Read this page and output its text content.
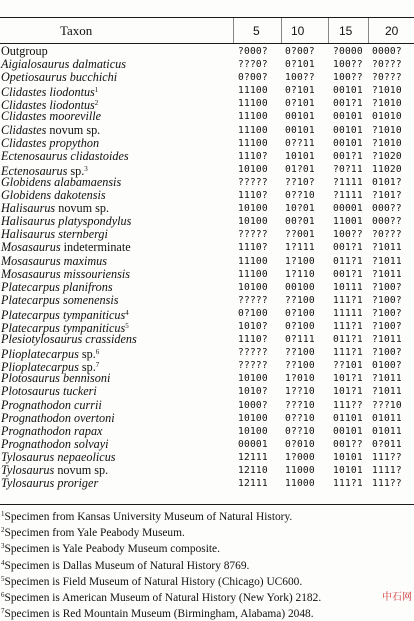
Taxon	5	10	15	20
Outgroup	?000? 0?00? ?0000 0000?
Aigialosaurus dalmaticus	???0? 0?101 100?? ?0???
Opetiosaurus bucchichi	0?00? 100?? 100?? ?0???
Clidastes liodontus$^1$	11100 0?101 00101 ?1010
Clidastes liodontus$^2$	11100 0?101 001?1 ?1010
Clidastes mooreville	11100 00101 00101 01010
Clidastes novum sp.	11100 00101 00101 ?1010
Clidastes propython	11100 0??11 00101 ?1010
Ectenosaurus clidastoides	1110? 10101 001?1 ?1020
Ectenosaurus sp.$^3$	10100 01?01 ?0?11 11020
Globidens alabamaensis	????? ??10? ?1111 0101?
Globidens dakotensis	1110? 0??10 ?1111 ?101?
Halisaurus novum sp.	10100 10?01 00001 000??
Halisaurus platyspondylus	10100 00?01 11001 000??
Halisaurus sternbergi	????? ??001 100?? ?0???
Mosasaurus indeterminate	1110? 1?111 001?1 ?1011
Mosasaurus maximus	11100 1?100 011?1 ?1011
Mosasaurus missouriensis	11100 1?110 001?1 ?1011
Platecarpus planifrons	10100 00100 10111 ?100?
Platecarpus somenensis	????? ??100 111?1 ?100?
Platecarpus tympaniticus$^4$	0?100 0?100 11111 ?100?
Platecarpus tympaniticus$^5$	1010? 0?100 111?1 ?100?
Plesiotylosaurus crassidens	1110? 0?111 011?1 ?1011
Plioplatecarpus sp.$^6$	????? ??100 111?1 ?100?
Plioplatecarpus sp.$^7$	????? ??100 ??101 0100?
Plotosaurus bennisoni	10100 1?010 101?1 ?1011
Plotosaurus tuckeri	1010? 1??10 101?1 ?1011
Prognathodon currii	1000? ???10 111?? ???10
Prognathodon overtoni	10100 0??10 01101 01011
Prognathodon rapax	10100 0??10 00101 01011
Prognathodon solvayi	00001 0?010 001?? 0?011
Tylosaurus nepaeolicus	12111 1?000 10101 111??
Tylosaurus novum sp.	12110 11000 10101 1111?
Tylosaurus proriger	12111 11000 111?1 111??
$^1$Specimen from Kansas University Museum of Natural History.
$^2$Specimen from Yale Peabody Museum.
$^3$Specimen is Yale Peabody Museum composite.
$^4$Specimen is Dallas Museum of Natural History 8769.
$^5$Specimen is Field Museum of Natural History (Chicago) UC600.
$^6$Specimen is American Museum of Natural History (New York) 2182.
$^7$Specimen is Red Mountain Museum (Birmingham, Alabama) 2048.
中石网
